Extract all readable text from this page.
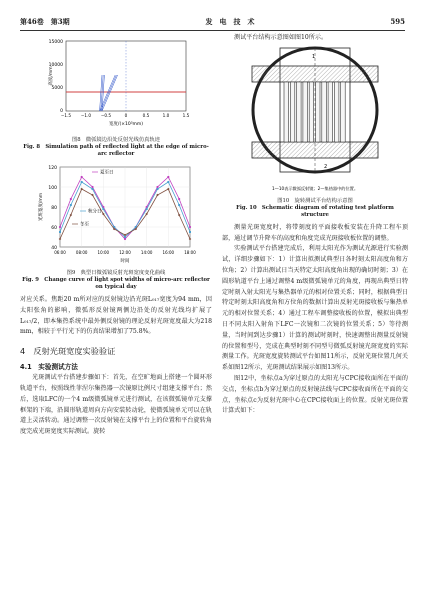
第46卷　第3期	发　电　技　术	595
15000
10000
5000
0
−1.5 −1.0 −0.5	0	0.5	1.0	1.5
高度/mm
宽度/(×10³mm)
图8　微弧镜边沿处反射光线仿真轨迹
Fig. 8　Simulation path of reflected light at the edge of micro-arc reflector
120
100
80
60
40
06:00	08:00	10:00	12:00	14:00	16:00	18:00
夏至日
秋分日
冬至
光斑宽度/mm
时间
图9　典型日微弧镜反射光斑宽度变化曲线
Fig. 9　Change curve of light spot widths of micro-arc reflector on typical day

对应关系。焦距20 m所对应的反射镜边沿光斑L₀₁₇宽度为94 mm，因太阳张角的影响，微弧形反射镜两侧边沿处的反射光线均扩展了L₀₁₇/2，即本集热系统中最外侧反射镜的理论反射光斑宽度最大为218 mm，相较于平行光下的仿真结果增加了75.8%。

4　反射光斑宽度实验验证
4.1　实验测试方法

光斑测试平台搭建步骤如下：首先，在空旷地面上搭建一个圆环形轨道平台，按照线性菲涅尔集热器一次镜原比例尺寸组建支撑平台；然后，选取LFC的一个4 m级微弧镜单元进行测试，在该微弧镜单元支撑框架的下端，沿圆形轨道周向方向安装转动轮，使微弧镜单元可以在轨道上灵活转动。通过调整一次反射镜在支撑平台上的位置和平台旋转角度完成光斑宽度实际测试。旋转

测试平台结构示意图如图10所示。

1
2
1—10表示微弧反射镜；2—集热器中的位置。
图10　旋转测试平台结构示意图
Fig. 10　Schematic diagram of rotating test platform structure

测量光斑宽度时，将带刻度的平面接收板安装在升降工程车顶部，通过调节升降车的高度和角度完成光斑接收板位置的调整。

实验测试平台搭建完成后，利用太阳光作为测试光源进行实验测试，详细步骤如下：1）计算出拟测试典型日各时刻太阳高度角和方位角；2）计算出测试日当天特定太阳高度角出现的确切时刻；3）在圆形轨道平台上通过调整4 m级微弧镜单元的角度，再现出典型日特定时刻入射太阳光与集热器单元的相对位置关系；同时，根据典型日特定时刻太阳高度角和方位角的数据计算出反射光斑接收板与集热单元的相对位置关系；4）通过工程车调整接收板的位置，模拟出典型日不同太阳入射角下LFC一次镜和二次镜的位置关系；5）等待测量，当时间到达步骤1）计算的测试时刻时，快速调整出测量反射镜的位置和型号，完成在典型时刻不同型号微弧反射镜光斑宽度的实际测量工作。光斑宽度旋转测试平台如图11所示，反射光斑位置几何关系如图12所示，光斑测试结果展示如图13所示。

图12中，坐标点a为穿过原点的太阳光与CPC接收面所在平面的交点，坐标点b为穿过原点的反射镜法线与CPC接收面所在平面的交点，坐标点c为反射光斑中心在CPC接收面上的位置。反射光斑位置计算式如下：
